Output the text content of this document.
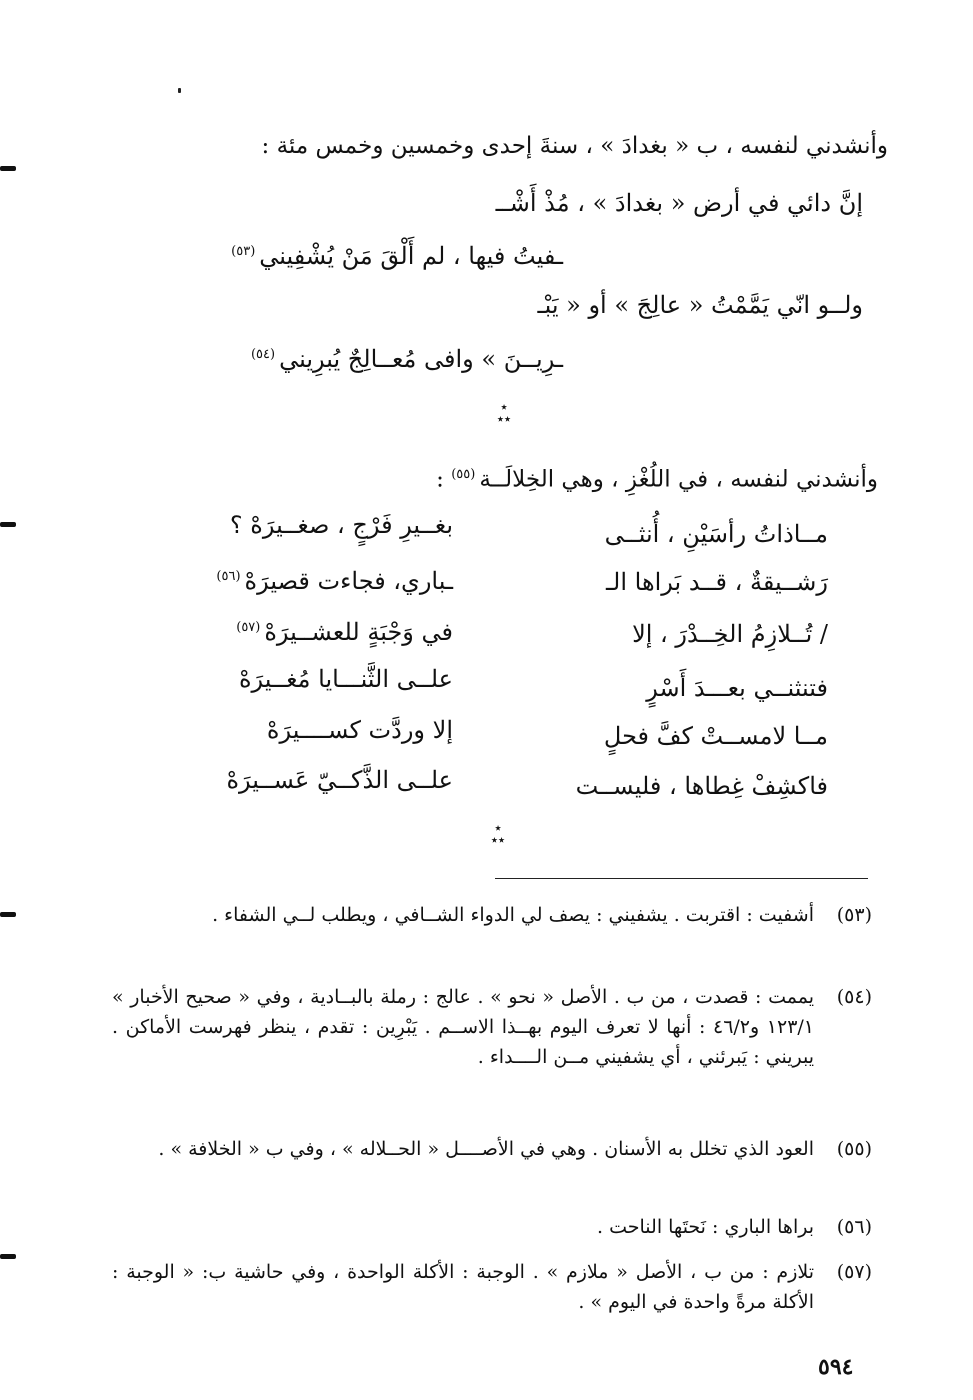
وأنشدني لنفسه ، ب « بغدادَ » ، سنةَ إحدى وخمسين وخمس مئة :
إنَّ دائي في أرض « بغدادَ » ، مُذْ أَشْــ
ـفيتُ فيها ، لم أَلْقَ مَنْ يُشْفِيني$^{(٥٣)}$
ولــو انّي يَمَّمْتُ « عالِجَ » أو « يَبْـ
ـرِيــنَ » وافى مُعــالِجٌ يُبرِيني$^{(٥٤)}$
٭
٭٭
وأنشدني لنفسه ، في اللُغْزِ ، وهي الخِلالَــة$^{(٥٥)}$ :
مــاذاتُ رأسَيْنِ ، أُنثــى
بغــيرِ فَرْجٍ ، صغــيرَهْ ؟
رَشــيقةٌ ، قــد بَراها الـ
ـباري، فجاءت قصيرَهْ$^{(٥٦)}$
/ تُــلازِمُ الخِــدْرَ ، إلا
في وَجْبَةٍ للعشــيرَهْ$^{(٥٧)}$
فتنثنــي بعـــدَ أَسْرٍ
علــى الثَّنـــايا مُغــيرَهْ
مــا لامســتْ كفَّ فحلٍ
إلا وردَّت كســــيرَهْ
فاكشِفْ غِطاها ، فليســت
علــى الذَّكــيّ عَســيرَهْ
٭
٭٭
(٥٣)
أشفيت : اقتربت . يشفيني : يصف لي الدواء الشــافي ، ويطلب لــي الشفاء .
(٥٤)
يممت : قصدت ، من ب . الأصل « نحو » . عالج : رملة بالبــادية ، وفي « صحيح الأخبار » ١٢٣/١ و٤٦/٢ : أنها لا تعرف اليوم بهــذا الاســم . يَبْرِين : تقدم ، ينظر فهرست الأماكن . يبريني : يَبرئني ، أي يشفيني مــن الــــداء .
(٥٥)
العود الذي تخلل به الأسنان . وهي في الأصــــل « الحــلاله » ، وفي ب « الخلافة » .
(٥٦)
براها الباري : نَحتَها الناحت .
(٥٧)
تلازم : من ب ، الأصل « ملازم » . الوجبة : الأكلة الواحدة ، وفي حاشية ب: « الوجبة : الأكلة مرةً واحدة في اليوم » .
٥٩٤
